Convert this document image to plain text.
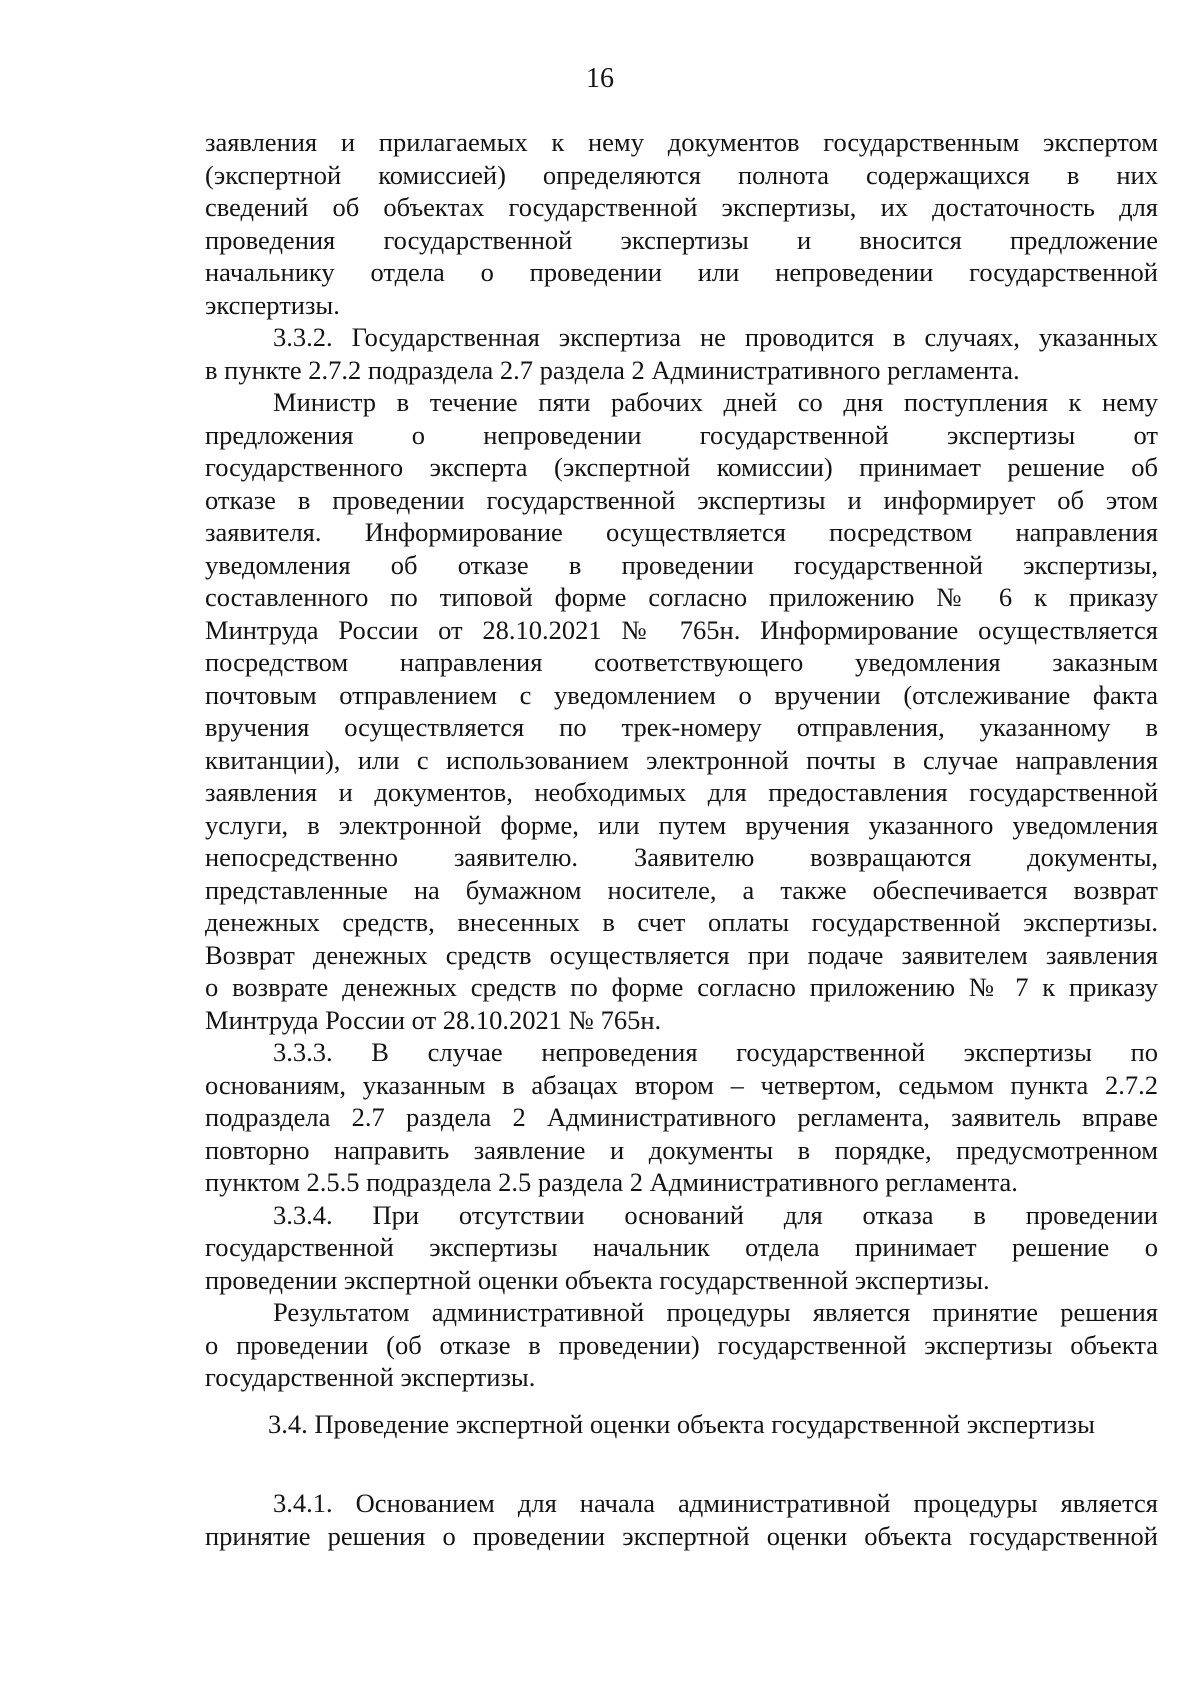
16
заявления и прилагаемых к нему документов государственным экспертом
(экспертной комиссией) определяются полнота содержащихся в них
сведений об объектах государственной экспертизы, их достаточность для
проведения государственной экспертизы и вносится предложение
начальнику отдела о проведении или непроведении государственной
экспертизы.
3.3.2. Государственная экспертиза не проводится в случаях, указанных
в пункте 2.7.2 подраздела 2.7 раздела 2 Административного регламента.
Министр в течение пяти рабочих дней со дня поступления к нему
предложения о непроведении государственной экспертизы от
государственного эксперта (экспертной комиссии) принимает решение об
отказе в проведении государственной экспертизы и информирует об этом
заявителя. Информирование осуществляется посредством направления
уведомления об отказе в проведении государственной экспертизы,
составленного по типовой форме согласно приложению № 6 к приказу
Минтруда России от 28.10.2021 № 765н. Информирование осуществляется
посредством направления соответствующего уведомления заказным
почтовым отправлением с уведомлением о вручении (отслеживание факта
вручения осуществляется по трек-номеру отправления, указанному в
квитанции), или с использованием электронной почты в случае направления
заявления и документов, необходимых для предоставления государственной
услуги, в электронной форме, или путем вручения указанного уведомления
непосредственно заявителю. Заявителю возвращаются документы,
представленные на бумажном носителе, а также обеспечивается возврат
денежных средств, внесенных в счет оплаты государственной экспертизы.
Возврат денежных средств осуществляется при подаче заявителем заявления
о возврате денежных средств по форме согласно приложению № 7 к приказу
Минтруда России от 28.10.2021 № 765н.
3.3.3. В случае непроведения государственной экспертизы по
основаниям, указанным в абзацах втором – четвертом, седьмом пункта 2.7.2
подраздела 2.7 раздела 2 Административного регламента, заявитель вправе
повторно направить заявление и документы в порядке, предусмотренном
пунктом 2.5.5 подраздела 2.5 раздела 2 Административного регламента.
3.3.4. При отсутствии оснований для отказа в проведении
государственной экспертизы начальник отдела принимает решение о
проведении экспертной оценки объекта государственной экспертизы.
Результатом административной процедуры является принятие решения
о проведении (об отказе в проведении) государственной экспертизы объекта
государственной экспертизы.
3.4. Проведение экспертной оценки объекта государственной экспертизы
3.4.1. Основанием для начала административной процедуры является
принятие решения о проведении экспертной оценки объекта государственной
